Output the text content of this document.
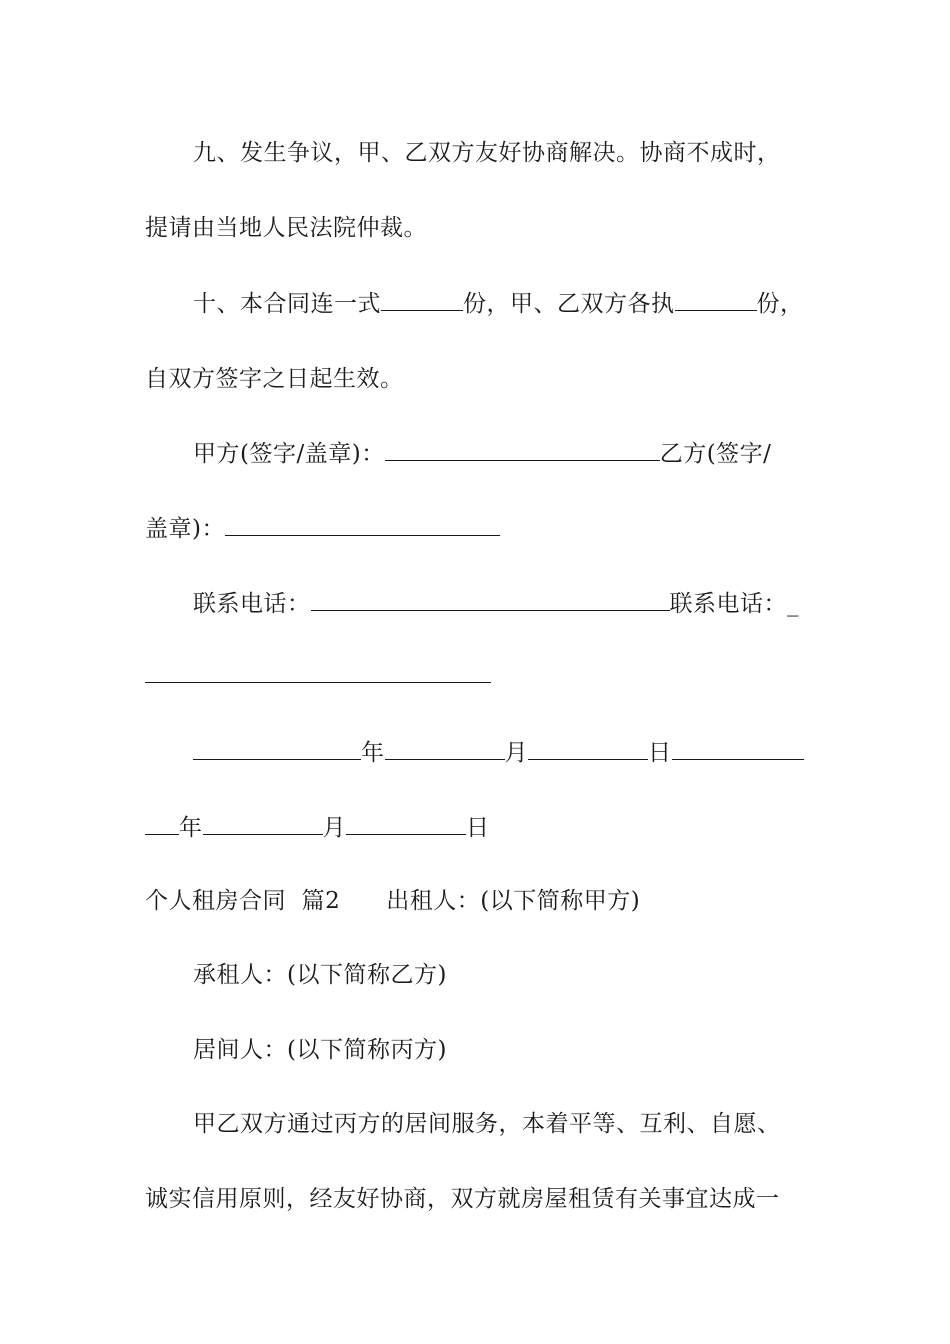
九、发生争议，甲、乙双方友好协商解决。协商不成时，
提请由当地人民法院仲裁。
十、本合同连一式	份，甲、乙双方各执	份，
自双方签字之日起生效。
甲方(签字/盖章)：	乙方(签字/
盖章)：
联系电话：	联系电话：_
年	月	日
年	月	日
个人租房合同  篇2 出租人：(以下简称甲方)
承租人：(以下简称乙方)
居间人：(以下简称丙方)
甲乙双方通过丙方的居间服务，本着平等、互利、自愿、
诚实信用原则，经友好协商，双方就房屋租赁有关事宜达成一
